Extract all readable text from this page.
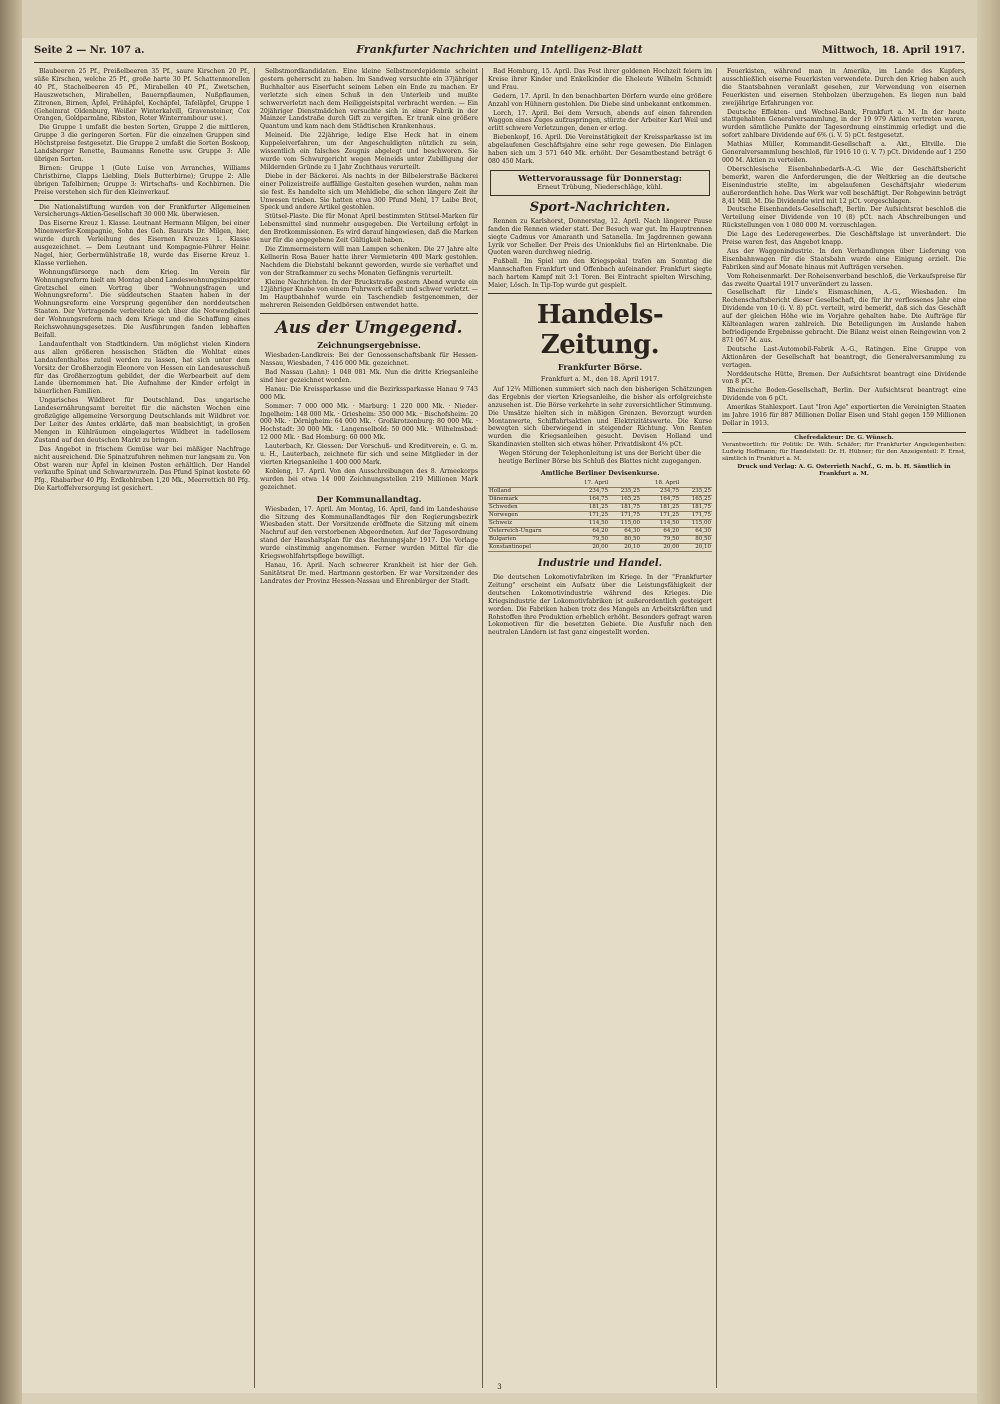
Seite 2 — Nr. 107 a.	Frankfurter Nachrichten und Intelligenz-Blatt	Mittwoch, 18. April 1917.

Blaubeeren 25 Pf., Preißelbeeren 35 Pf., saure Kirschen 20 Pf., süße Kirschen, welche 25 Pf., große harte 30 Pf. Schattenmorellen 40 Pf., Stachelbeeren 45 Pf., Mirabellen 40 Pf., Zwetschen, Hauszwetschen, Mirabellen, Bauernpflaumen, Nußpflaumen, Zitronen, Birnen, Äpfel, Frühäpfel, Kochäpfel, Tafeläpfel, Gruppe 1 (Geheimrat Oldenburg, Weißer Winterkalvill, Gravensteiner, Cox Orangen, Goldparmäne, Ribston, Roter Winterrambour usw.).

Die Gruppe 1 umfaßt die besten Sorten, Gruppe 2 die mittleren, Gruppe 3 die geringeren Sorten. Für die einzelnen Gruppen sind Höchstpreise festgesetzt. Die Gruppe 2 umfaßt die Sorten Boskoop, Landsberger Renette, Baumanns Renette usw. Gruppe 3: Alle übrigen Sorten.

Birnen: Gruppe 1 (Gute Luise von Avranches, Williams Christbirne, Clapps Liebling, Diels Butterbirne); Gruppe 2: Alle übrigen Tafelbirnen; Gruppe 3: Wirtschafts- und Kochbirnen. Die Preise verstehen sich für den Kleinverkauf.

Die Nationalstiftung wurden von der Frankfurter Allgemeinen Versicherungs-Aktien-Gesellschaft 30 000 Mk. überwiesen.

Das Eiserne Kreuz 1. Klasse. Leutnant Hermann Milgen, bei einer Minenwerfer-Kompagnie, Sohn des Geh. Baurats Dr. Milgen, hier, wurde durch Verleihung des Eisernen Kreuzes 1. Klasse ausgezeichnet. — Dem Leutnant und Kompagnie-Führer Heinr. Nagel, hier, Gerbermühlstraße 18, wurde das Eiserne Kreuz 1. Klasse verliehen.

Wohnungsfürsorge nach dem Krieg. Im Verein für Wohnungsreform hielt am Montag abend Landeswohnungsinspektor Gretzschel einen Vortrag über "Wohnungsfragen und Wohnungsreform". Die süddeutschen Staaten haben in der Wohnungsreform eine Vorsprung gegenüber den norddeutschen Staaten. Der Vortragende verbreitete sich über die Notwendigkeit der Wohnungsreform nach dem Kriege und die Schaffung eines Reichswohnungsgesetzes. Die Ausführungen fanden lebhaften Beifall.

Landaufenthalt von Stadtkindern. Um möglichst vielen Kindern aus allen größeren hessischen Städten die Wohltat eines Landaufenthaltes zuteil werden zu lassen, hat sich unter dem Vorsitz der Großherzogin Eleonore von Hessen ein Landesausschuß für das Großherzogtum gebildet, der die Werbearbeit auf dem Lande übernommen hat. Die Aufnahme der Kinder erfolgt in bäuerlichen Familien.

Ungarisches Wildbret für Deutschland. Das ungarische Landesernährungsamt bereitet für die nächsten Wochen eine großzügige allgemeine Versorgung Deutschlands mit Wildbret vor. Der Leiter des Amtes erklärte, daß man beabsichtigt, in großen Mengen in Kühlräumen eingelagertes Wildbret in tadellosem Zustand auf den deutschen Markt zu bringen.

Das Angebot in frischem Gemüse war bei mäßiger Nachfrage nicht ausreichend. Die Spinatzufuhren nehmen nur langsam zu. Von Obst waren nur Äpfel in kleinen Posten erhältlich. Der Handel verkaufte Spinat und Schwarzwurzeln. Das Pfund Spinat kostete 60 Pfg., Rhabarber 40 Pfg. Erdkohlraben 1,20 Mk., Meerrettich 80 Pfg. Die Kartoffelversorgung ist gesichert.

Selbstmordkandidaten. Eine kleine Selbstmordepidemie scheint gestern geherrscht zu haben. Im Sandweg versuchte ein 37jähriger Buchhalter aus Eiserfucht seinem Leben ein Ende zu machen. Er verletzte sich einen Schuß in den Unterleib und mußte schwerverletzt nach dem Heiliggeistspital verbracht werden. — Ein 20jähriger Dienstmädchen versuchte sich in einer Fabrik in der Mainzer Landstraße durch Gift zu vergiften. Er trank eine größere Quantum und kam nach dem Städtischen Krankenhaus.

Meineid. Die 22jährige, ledige Else Heck hat in einem Kuppeleiverfahren, um der Angeschuldigten nützlich zu sein, wissentlich ein falsches Zeugnis abgelegt und beschworen. Sie wurde vom Schwurgericht wegen Meineids unter Zubilligung der Mildernden Gründe zu 1 Jahr Zuchthaus verurteilt.

Diebe in der Bäckerei. Als nachts in der Bilbelerstraße Bäckerei einer Polizeistreife auffällige Gestalten gesehen wurden, nahm man sie fest. Es handelte sich um Mehldiebe, die schon längere Zeit ihr Unwesen trieben. Sie hatten etwa 300 Pfund Mehl, 17 Laibe Brot, Speck und andere Artikel gestohlen.

Stütsel-Plaste. Die für Monat April bestimmten Stütsel-Marken für Lebensmittel sind nunmehr ausgegeben. Die Verteilung erfolgt in den Brotkommissionen. Es wird darauf hingewiesen, daß die Marken nur für die angegebene Zeit Gültigkeit haben.

Die Zimmermeistern will man Lampen schenken. Die 27 Jahre alte Kellnerin Rosa Bauer hatte ihrer Vermieterin 400 Mark gestohlen. Nachdem die Diebstahl bekannt geworden, wurde sie verhaftet und von der Strafkammer zu sechs Monaten Gefängnis verurteilt.

Kleine Nachrichten. In der Bruckstraße gestern Abend wurde ein 12jähriger Knabe von einem Fuhrwerk erfaßt und schwer verletzt. — Im Hauptbahnhof wurde ein Taschendieb festgenommen, der mehreren Reisenden Geldbörsen entwendet hatte.

Aus der Umgegend.
Zeichnungsergebnisse.

Wiesbaden-Landkreis: Bei der Genossenschaftsbank für Hessen-Nassau, Wiesbaden, 7 416 000 Mk. gezeichnet.

Bad Nassau (Lahn): 1 048 081 Mk. Nun die dritte Kriegsanleihe sind hier gezeichnet worden.

Hanau: Die Kreissparkasse und die Bezirkssparkasse Hanau 9 743 000 Mk.

Sommer: 7 000 000 Mk. · Marburg: 1 220 000 Mk. · Nieder-Ingelheim: 148 000 Mk. · Griesheim: 350 000 Mk. · Bischofsheim: 20 000 Mk. · Dörnigheim: 64 000 Mk. · Großkrotzenburg: 80 000 Mk. · Hochstadt: 30 000 Mk. · Langenselbold: 50 000 Mk. · Wilhelmsbad: 12 000 Mk. · Bad Homburg: 60 000 Mk.

Lauterbach, Kr. Giessen: Der Vorschuß- und Kreditverein, e. G. m. u. H., Lauterbach, zeichnete für sich und seine Mitglieder in der vierten Kriegsanleihe 1 400 000 Mark.

Kobleng, 17. April. Von den Ausschreibungen des 8. Armeekorps wurden bei etwa 14 000 Zeichnungsstellen 219 Millionen Mark gezeichnet.

Der Kommunallandtag.

Wiesbaden, 17. April. Am Montag, 16. April, fand im Landeshause die Sitzung des Kommunallandtages für den Regierungsbezirk Wiesbaden statt. Der Vorsitzende eröffnete die Sitzung mit einem Nachruf auf den verstorbenen Abgeordneten. Auf der Tagesordnung stand der Haushaltsplan für das Rechnungsjahr 1917. Die Vorlage wurde einstimmig angenommen. Ferner wurden Mittel für die Kriegswohlfahrtspflege bewilligt.

Hanau, 16. April. Nach schwerer Krankheit ist hier der Geh. Sanitätsrat Dr. med. Hartmann gestorben. Er war Vorsitzender des Landrates der Provinz Hessen-Nassau und Ehrenbürger der Stadt.

Bad Homburg, 15. April. Das Fest ihrer goldenen Hochzeit feiern im Kreise ihrer Kinder und Enkelkinder die Eheleute Wilhelm Schmidt und Frau.

Gedern, 17. April. In den benachbarten Dörfern wurde eine größere Anzahl von Hühnern gestohlen. Die Diebe sind unbekannt entkommen.

Lorch, 17. April. Bei dem Versuch, abends auf einen fahrenden Waggon eines Zuges aufzuspringen, stürzte der Arbeiter Karl Weil und erlitt schwere Verletzungen, denen er erlag.

Biebenkopf, 16. April. Die Vereinstätigkeit der Kreissparkasse ist im abgelaufenen Geschäftsjahre eine sehr rege gewesen. Die Einlagen haben sich um 3 571 640 Mk. erhöht. Der Gesamtbestand beträgt 6 080 450 Mark.

Wettervoraussage für Donnerstag:
Erneut Trübung, Niederschläge, kühl.
Sport-Nachrichten.

Rennen zu Karlshorst, Donnerstag, 12. April. Nach längerer Pause fanden die Rennen wieder statt. Der Besuch war gut. Im Hauptrennen siegte Cadmus vor Amaranth und Satanella. Im Jagdrennen gewann Lyrik vor Scheller. Der Preis des Unionklubs fiel an Hirtenknabe. Die Quoten waren durchweg niedrig.

Fußball. Im Spiel um den Kriegspokal trafen am Sonntag die Mannschaften Frankfurt und Offenbach aufeinander. Frankfurt siegte nach hartem Kampf mit 3:1 Toren. Bei Eintracht spielten Wirsching, Maier, Lösch. In Tip-Top wurde gut gespielt.

Handels-Zeitung.
Frankfurter Börse.
Frankfurt a. M., den 18. April 1917.

Auf 12¾ Millionen summiert sich nach den bisherigen Schätzungen das Ergebnis der vierten Kriegsanleihe, die bisher als erfolgreichste anzusehen ist. Die Börse verkehrte in sehr zuversichtlicher Stimmung. Die Umsätze hielten sich in mäßigen Grenzen. Bevorzugt wurden Montanwerte, Schiffahrtsaktien und Elektrizitätswerte. Die Kurse bewegten sich überwiegend in steigender Richtung. Von Renten wurden die Kriegsanleihen gesucht. Devisen Holland und Skandinavien stellten sich etwas höher. Privatdiskont 4⅝ pCt.

Wegen Störung der Telephonleitung ist uns der Bericht über die heutige Berliner Börse bis Schluß des Blattes nicht zugegangen.

Amtliche Berliner Devisenkurse.
	17. April		18. April	
Holland	234,75	235,25	234,75	235,25
Dänemark	164,75	165,25	164,75	165,25
Schweden	181,25	181,75	181,25	181,75
Norwegen	171,25	171,75	171,25	171,75
Schweiz	114,50	115,00	114,50	115,00
Österreich-Ungarn	64,20	64,30	64,20	64,30
Bulgarien	79,50	80,50	79,50	80,50
Konstantinopel	20,00	20,10	20,00	20,10
Industrie und Handel.

Die deutschen Lokomotivfabriken im Kriege. In der "Frankfurter Zeitung" erscheint ein Aufsatz über die Leistungsfähigkeit der deutschen Lokomotivindustrie während des Krieges. Die Kriegsindustrie der Lokomotivfabriken ist außerordentlich gesteigert worden. Die Fabriken haben trotz des Mangels an Arbeitskräften und Rohstoffen ihre Produktion erheblich erhöht. Besonders gefragt waren Lokomotiven für die besetzten Gebiete. Die Ausfuhr nach den neutralen Ländern ist fast ganz eingestellt worden.

Feuerkisten, während man in Amerika, im Lande des Kupfers, ausschließlich eiserne Feuerkisten verwendete. Durch den Krieg haben auch die Staatsbahnen veranlaßt gesehen, zur Verwendung von eisernen Feuerkisten und eisernen Stehbolzen überzugehen. Es liegen nun bald zweijährige Erfahrungen vor.

Deutsche Effekten- und Wechsel-Bank, Frankfurt a. M. In der heute stattgehabten Generalversammlung, in der 19 979 Aktien vertreten waren, wurden sämtliche Punkte der Tagesordnung einstimmig erledigt und die sofort zahlbare Dividende auf 6% (i. V. 5) pCt. festgesetzt.

Mathias Müller, Kommandit-Gesellschaft a. Akt., Eltville. Die Generalversammlung beschloß, für 1916 10 (i. V. 7) pCt. Dividende auf 1 250 000 M. Aktien zu verteilen.

Oberschlesische Eisenbahnbedarfs-A.-G. Wie der Geschäftsbericht bemerkt, waren die Anforderungen, die der Weltkrieg an die deutsche Eisenindustrie stellte, im abgelaufenen Geschäftsjahr wiederum außerordentlich hohe. Das Werk war voll beschäftigt. Der Rohgewinn beträgt 8,41 Mill. M. Die Dividende wird mit 12 pCt. vorgeschlagen.

Deutsche Eisenhandels-Gesellschaft, Berlin. Der Aufsichtsrat beschloß die Verteilung einer Dividende von 10 (8) pCt. nach Abschreibungen und Rückstellungen von 1 080 000 M. vorzuschlagen.

Die Lage des Lederegewerbes. Die Geschäftslage ist unverändert. Die Preise waren fest, das Angebot knapp.

Aus der Waggonindustrie. In den Verhandlungen über Lieferung von Eisenbahnwagen für die Staatsbahn wurde eine Einigung erzielt. Die Fabriken sind auf Monate hinaus mit Aufträgen versehen.

Vom Roheisenmarkt. Der Roheisenverband beschloß, die Verkaufspreise für das zweite Quartal 1917 unverändert zu lassen.

Gesellschaft für Linde's Eismaschinen, A.-G., Wiesbaden. Im Rechenschaftsbericht dieser Gesellschaft, die für ihr verflossenes Jahr eine Dividende von 10 (i. V. 8) pCt. verteilt, wird bemerkt, daß sich das Geschäft auf der gleichen Höhe wie im Vorjahre gehalten habe. Die Aufträge für Kälteanlagen waren zahlreich. Die Beteiligungen im Auslande haben befriedigende Ergebnisse gebracht. Die Bilanz weist einen Reingewinn von 2 871 067 M. aus.

Deutsche Last-Automobil-Fabrik A.-G., Ratingen. Eine Gruppe von Aktionären der Gesellschaft hat beantragt, die Generalversammlung zu vertagen.

Norddeutsche Hütte, Bremen. Der Aufsichtsrat beantragt eine Dividende von 8 pCt.

Rheinische Boden-Gesellschaft, Berlin. Der Aufsichtsrat beantragt eine Dividende von 6 pCt.

Amerikas Stahlexport. Laut "Iron Age" exportierten die Vereinigten Staaten im Jahre 1916 für 887 Millionen Dollar Eisen und Stahl gegen 159 Millionen Dollar in 1913.

Chefredakteur: Dr. G. Wünsch.
Verantwortlich: für Politik: Dr. Wilh. Schäfer; für Frankfurter Angelegenheiten: Ludwig Hoffmann; für Handelsteil: Dr. H. Hübner; für den Anzeigenteil: F. Ernst, sämtlich in Frankfurt a. M.
Druck und Verlag: A. G. Osterrieth Nachf., G. m. b. H. Sämtlich in Frankfurt a. M.
3
